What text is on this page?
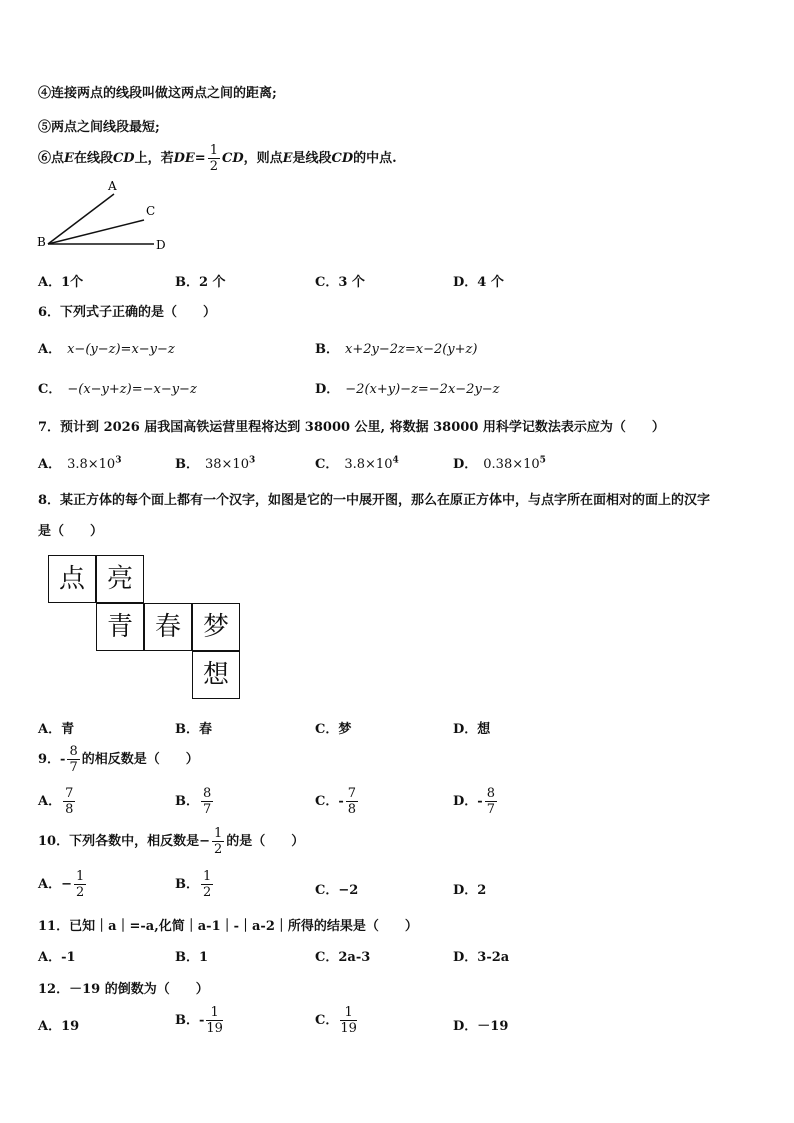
④连接两点的线段叫做这两点之间的距离;
⑤两点之间线段最短;
⑥点E在线段CD上，若$DE= \frac{1}{2}$ CD，则点E是线段CD的中点.
A
C
B	D
A．1个	B．2 个	C．3 个	D．4 个
6．下列式子正确的是（　　）
A． x−(y−z)=x−y−z	B． x+2y−2z=x−2(y+z)
C． −(x−y+z)=−x−y−z	D． −2(x+y)−z=−2x−2y−z
7．预计到 2026 届我国高铁运营里程将达到 38000 公里, 将数据 38000 用科学记数法表示应为（　　）
A． $3.8\times 10^3$	B． $38\times 10^3$	C． $3.8\times 10^4$	D． $0.38\times 10^5$
8．某正方体的每个面上都有一个汉字，如图是它的一中展开图，那么在原正方体中，与点字所在面相对的面上的汉字
是（　　）
点 亮
青 春 梦
想
A．青	B．春	C．梦	D．想
9．- $\frac{8}{7}$ 的相反数是（　　）
A． $\frac{7}{8}$	B． $\frac{8}{7}$	C．- $\frac{7}{8}$	D．- $\frac{8}{7}$
10．下列各数中，相反数是− $\frac{1}{2}$ 的是（　　）
A．− $\frac{1}{2}$	B． $\frac{1}{2}$	C．−2	D．2
11．已知｜a｜=-a,化简｜a-1｜-｜a-2｜所得的结果是（　　）
A．-1	B．1	C．2a-3	D．3-2a
12．－19 的倒数为（　　）
A．19	B．- $\frac{1}{19}$	C． $\frac{1}{19}$	D．－19
